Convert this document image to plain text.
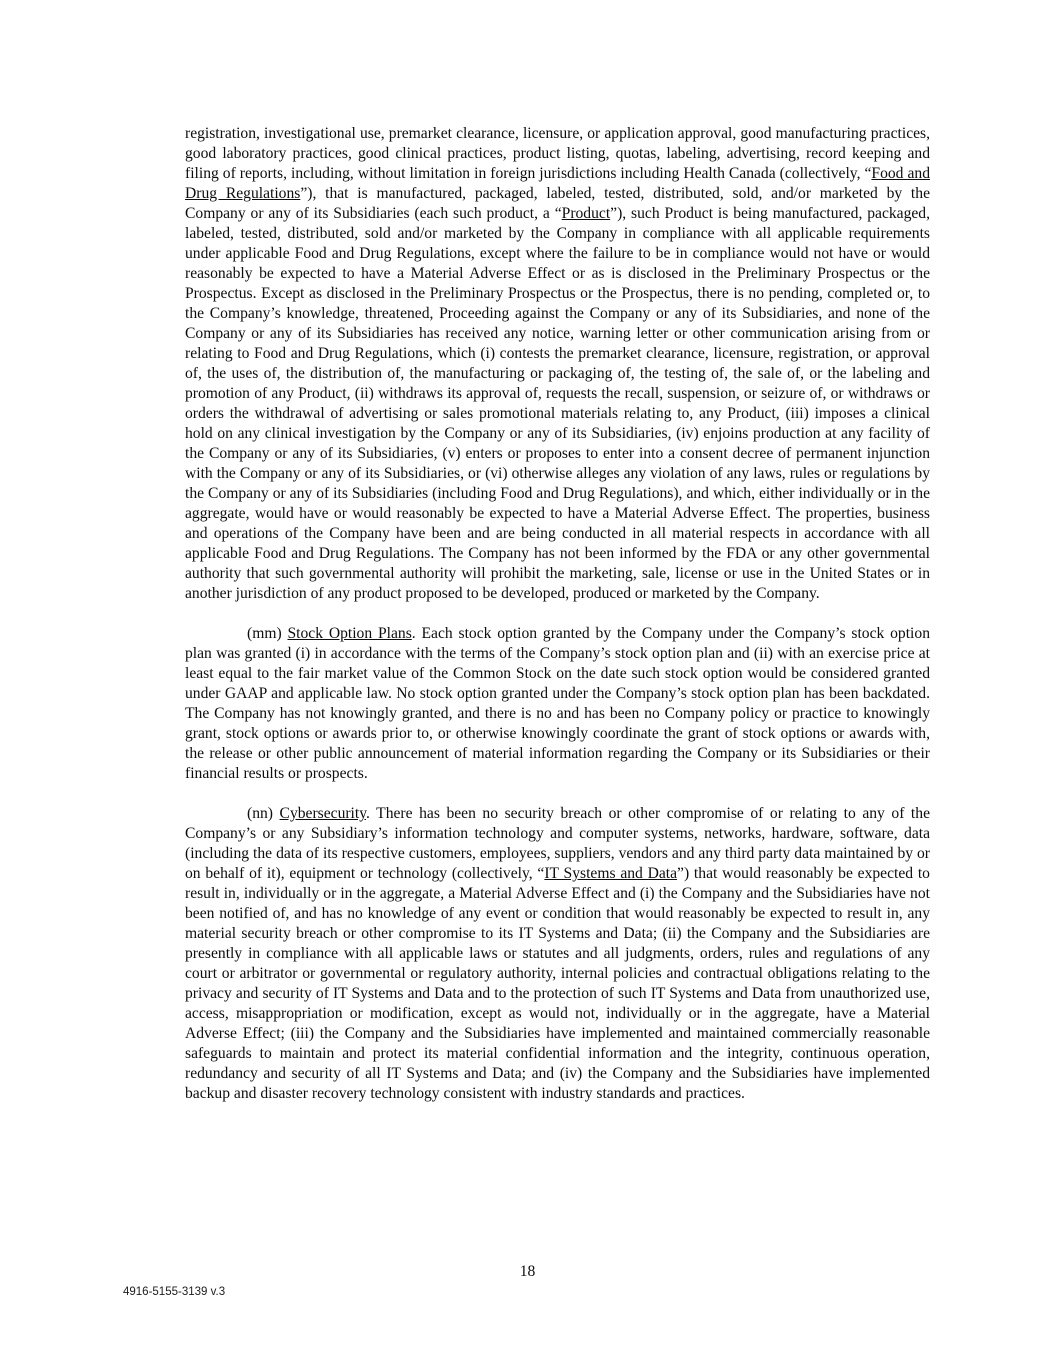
registration, investigational use, premarket clearance, licensure, or application approval, good manufacturing practices, good laboratory practices, good clinical practices, product listing, quotas, labeling, advertising, record keeping and filing of reports, including, without limitation in foreign jurisdictions including Health Canada (collectively, “Food and Drug Regulations”), that is manufactured, packaged, labeled, tested, distributed, sold, and/or marketed by the Company or any of its Subsidiaries (each such product, a “Product”), such Product is being manufactured, packaged, labeled, tested, distributed, sold and/or marketed by the Company in compliance with all applicable requirements under applicable Food and Drug Regulations, except where the failure to be in compliance would not have or would reasonably be expected to have a Material Adverse Effect or as is disclosed in the Preliminary Prospectus or the Prospectus. Except as disclosed in the Preliminary Prospectus or the Prospectus, there is no pending, completed or, to the Company’s knowledge, threatened, Proceeding against the Company or any of its Subsidiaries, and none of the Company or any of its Subsidiaries has received any notice, warning letter or other communication arising from or relating to Food and Drug Regulations, which (i) contests the premarket clearance, licensure, registration, or approval of, the uses of, the distribution of, the manufacturing or packaging of, the testing of, the sale of, or the labeling and promotion of any Product, (ii) withdraws its approval of, requests the recall, suspension, or seizure of, or withdraws or orders the withdrawal of advertising or sales promotional materials relating to, any Product, (iii) imposes a clinical hold on any clinical investigation by the Company or any of its Subsidiaries, (iv) enjoins production at any facility of the Company or any of its Subsidiaries, (v) enters or proposes to enter into a consent decree of permanent injunction with the Company or any of its Subsidiaries, or (vi) otherwise alleges any violation of any laws, rules or regulations by the Company or any of its Subsidiaries (including Food and Drug Regulations), and which, either individually or in the aggregate, would have or would reasonably be expected to have a Material Adverse Effect. The properties, business and operations of the Company have been and are being conducted in all material respects in accordance with all applicable Food and Drug Regulations. The Company has not been informed by the FDA or any other governmental authority that such governmental authority will prohibit the marketing, sale, license or use in the United States or in another jurisdiction of any product proposed to be developed, produced or marketed by the Company.

(mm) Stock Option Plans. Each stock option granted by the Company under the Company’s stock option plan was granted (i) in accordance with the terms of the Company’s stock option plan and (ii) with an exercise price at least equal to the fair market value of the Common Stock on the date such stock option would be considered granted under GAAP and applicable law. No stock option granted under the Company’s stock option plan has been backdated. The Company has not knowingly granted, and there is no and has been no Company policy or practice to knowingly grant, stock options or awards prior to, or otherwise knowingly coordinate the grant of stock options or awards with, the release or other public announcement of material information regarding the Company or its Subsidiaries or their financial results or prospects.

(nn) Cybersecurity. There has been no security breach or other compromise of or relating to any of the Company’s or any Subsidiary’s information technology and computer systems, networks, hardware, software, data (including the data of its respective customers, employees, suppliers, vendors and any third party data maintained by or on behalf of it), equipment or technology (collectively, “IT Systems and Data”) that would reasonably be expected to result in, individually or in the aggregate, a Material Adverse Effect and (i) the Company and the Subsidiaries have not been notified of, and has no knowledge of any event or condition that would reasonably be expected to result in, any material security breach or other compromise to its IT Systems and Data; (ii) the Company and the Subsidiaries are presently in compliance with all applicable laws or statutes and all judgments, orders, rules and regulations of any court or arbitrator or governmental or regulatory authority, internal policies and contractual obligations relating to the privacy and security of IT Systems and Data and to the protection of such IT Systems and Data from unauthorized use, access, misappropriation or modification, except as would not, individually or in the aggregate, have a Material Adverse Effect; (iii) the Company and the Subsidiaries have implemented and maintained commercially reasonable safeguards to maintain and protect its material confidential information and the integrity, continuous operation, redundancy and security of all IT Systems and Data; and (iv) the Company and the Subsidiaries have implemented backup and disaster recovery technology consistent with industry standards and practices.

18
4916-5155-3139 v.3
